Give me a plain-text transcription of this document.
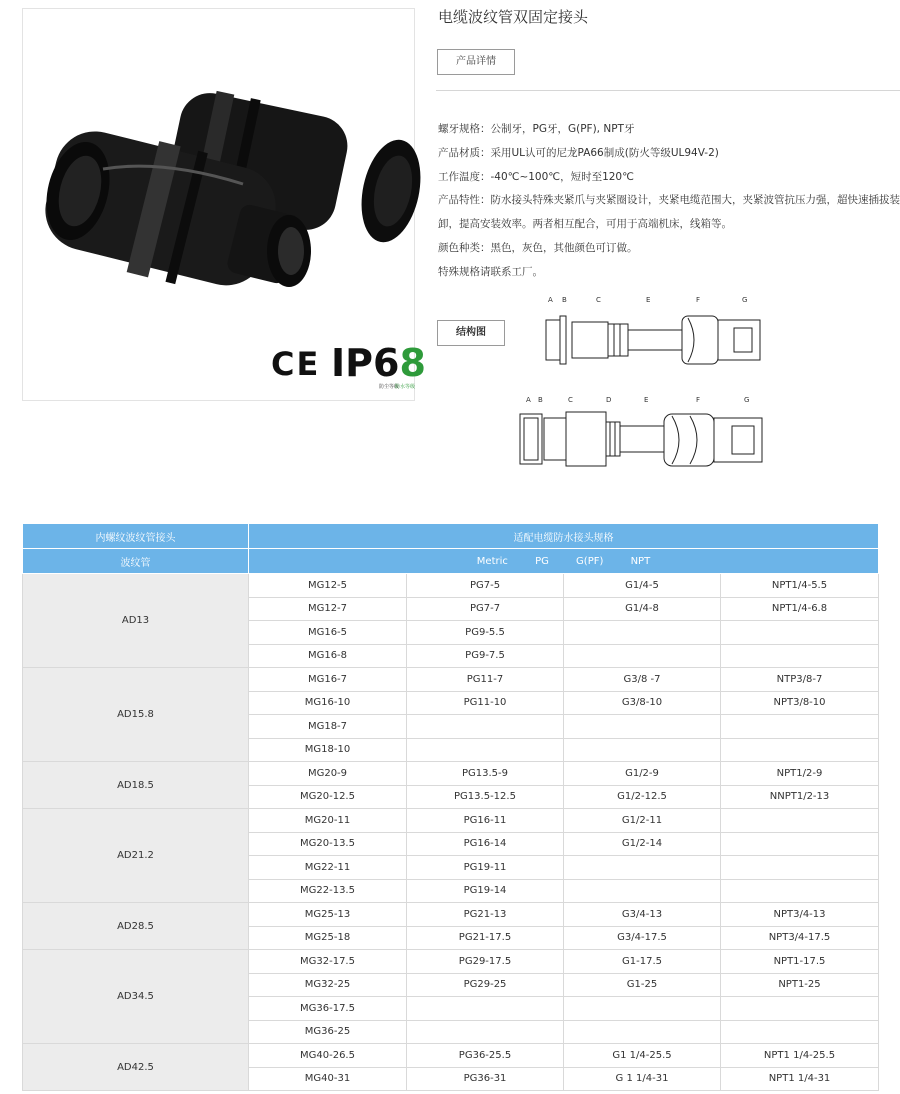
CE IP68
防尘等级
防水等级
电缆波纹管双固定接头
产品详情
螺牙规格：公制牙，PG牙，G(PF), NPT牙
产品材质：采用UL认可的尼龙PA66制成(防火等级UL94V-2)
工作温度：-40℃~100℃，短时至120℃
产品特性：防水接头特殊夹紧爪与夹紧圈设计，夹紧电缆范围大，夹紧波管抗压力强，超快速插拔装卸，提高安装效率。两者相互配合，可用于高端机床，线箱等。
颜色种类：黑色，灰色，其他颜色可订做。
特殊规格请联系工厂。
结构图
A B	C	E	F	G
A B	C	D	E	F	G
内螺纹波纹管接头	适配电缆防水接头规格			
波纹管	Metric PG G(PF) NPT			
AD13	MG12-5	PG7-5	G1/4-5	NPT1/4-5.5
	MG12-7	PG7-7	G1/4-8	NPT1/4-6.8
	MG16-5	PG9-5.5		
	MG16-8	PG9-7.5		
AD15.8	MG16-7	PG11-7	G3/8 -7	NTP3/8-7
	MG16-10	PG11-10	G3/8-10	NPT3/8-10
	MG18-7			
	MG18-10			
AD18.5	MG20-9	PG13.5-9	G1/2-9	NPT1/2-9
	MG20-12.5	PG13.5-12.5	G1/2-12.5	NNPT1/2-13
AD21.2	MG20-11	PG16-11	G1/2-11	
	MG20-13.5	PG16-14	G1/2-14	
	MG22-11	PG19-11		
	MG22-13.5	PG19-14		
AD28.5	MG25-13	PG21-13	G3/4-13	NPT3/4-13
	MG25-18	PG21-17.5	G3/4-17.5	NPT3/4-17.5
AD34.5	MG32-17.5	PG29-17.5	G1-17.5	NPT1-17.5
	MG32-25	PG29-25	G1-25	NPT1-25
	MG36-17.5			
	MG36-25			
AD42.5	MG40-26.5	PG36-25.5	G1 1/4-25.5	NPT1 1/4-25.5
	MG40-31	PG36-31	G 1 1/4-31	NPT1 1/4-31
